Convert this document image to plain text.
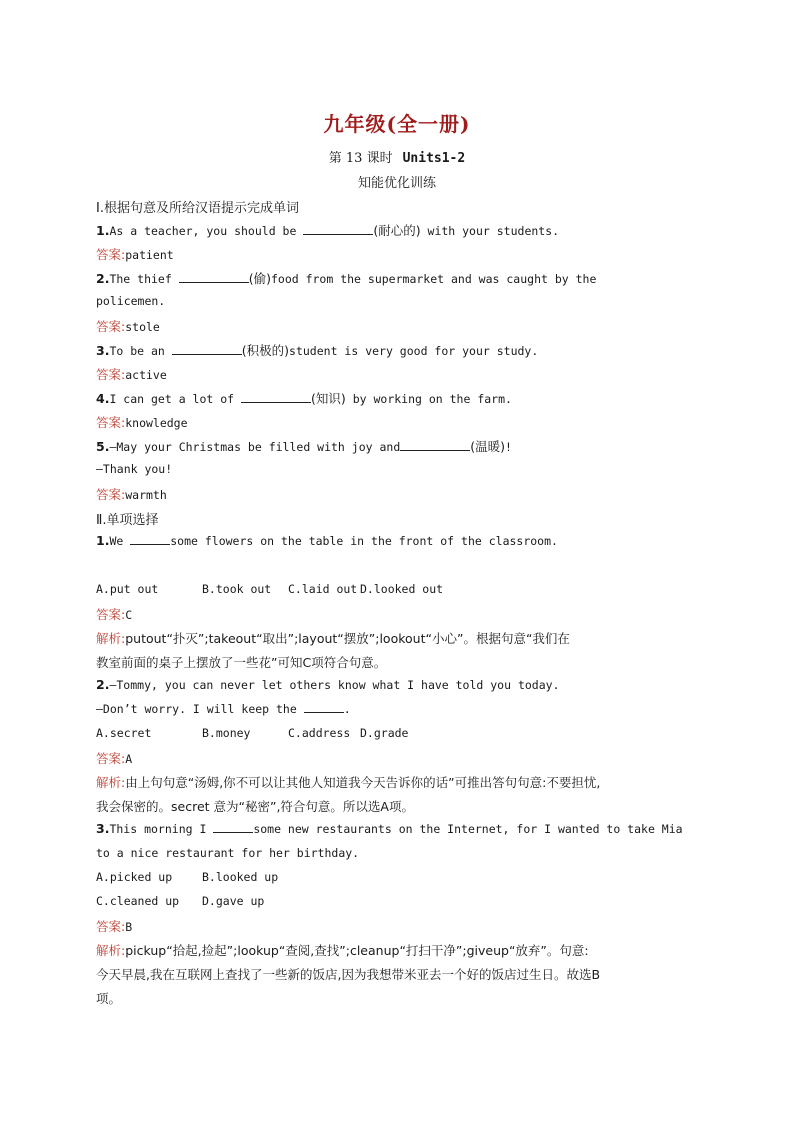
九年级(全一册)
第 13 课时 Units1-2
知能优化训练
Ⅰ.根据句意及所给汉语提示完成单词
1.As a teacher, you should be	(耐心的) with your students.
答案:patient
2.The thief	(偷)food from the supermarket and was caught by the
policemen.
答案:stole
3.To be an	(积极的)student is very good for your study.
答案:active
4.I can get a lot of	(知识) by working on the farm.
答案:knowledge
5.—May your Christmas be filled with joy and	(温暖)!
—Thank you!
答案:warmth
Ⅱ.单项选择
1.We	some flowers on the table in the front of the classroom.
A.put out	B.took out C.laid out D.looked out
答案:C
解析:putout“扑灭”;takeout“取出”;layout“摆放”;lookout“小心”。根据句意“我们在
教室前面的桌子上摆放了一些花”可知C项符合句意。
2.—Tommy, you can never let others know what I have told you today.
—Don’t worry. I will keep the	.
A.secret	B.money	C.address D.grade
答案:A
解析:由上句句意“汤姆,你不可以让其他人知道我今天告诉你的话”可推出答句句意:不要担忧,
我会保密的。secret 意为“秘密”,符合句意。所以选A项。
3.This morning I	some new restaurants on the Internet, for I wanted to take Mia
to a nice restaurant for her birthday.
A.picked up	B.looked up
C.cleaned up D.gave up
答案:B
解析:pickup“拾起,捡起”;lookup“查阅,查找”;cleanup“打扫干净”;giveup“放弃”。句意:
今天早晨,我在互联网上查找了一些新的饭店,因为我想带米亚去一个好的饭店过生日。故选B
项。
